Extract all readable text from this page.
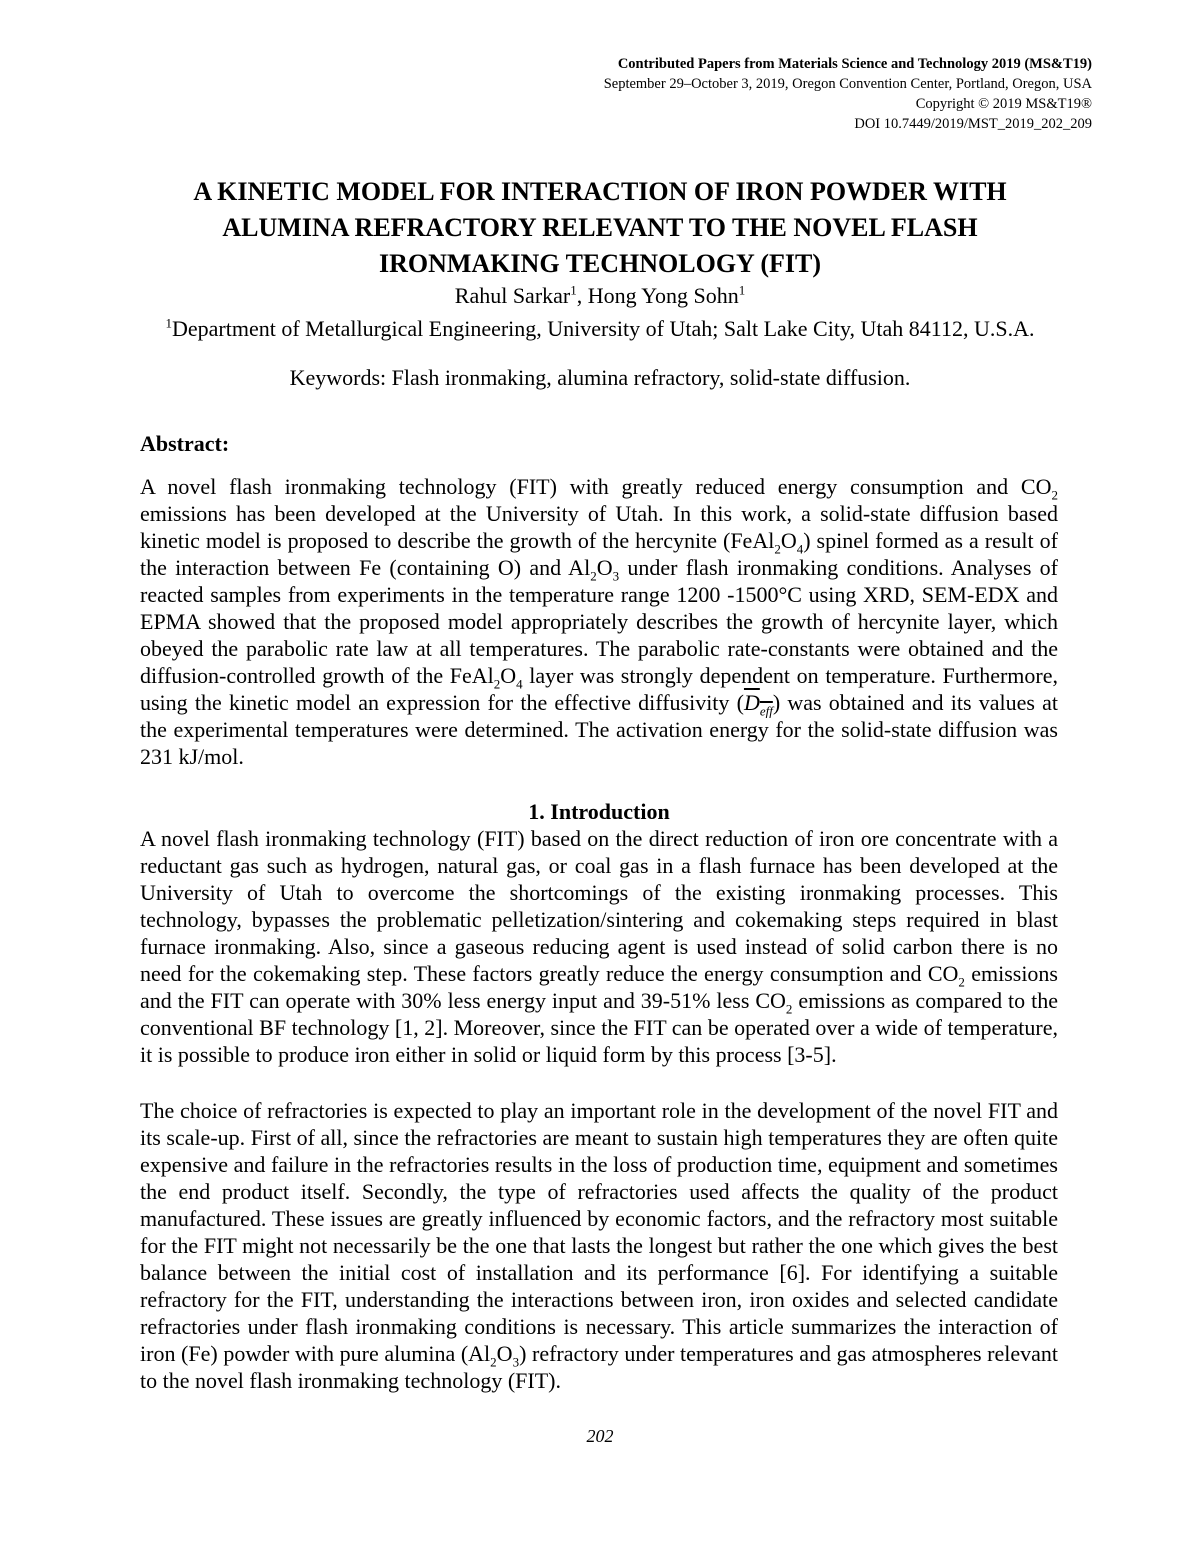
Contributed Papers from Materials Science and Technology 2019 (MS&T19)
September 29–October 3, 2019, Oregon Convention Center, Portland, Oregon, USA
Copyright © 2019 MS&T19®
DOI 10.7449/2019/MST_2019_202_209
A KINETIC MODEL FOR INTERACTION OF IRON POWDER WITH
ALUMINA REFRACTORY RELEVANT TO THE NOVEL FLASH
IRONMAKING TECHNOLOGY (FIT)
Rahul Sarkar$^1$, Hong Yong Sohn$^1$
$^1$Department of Metallurgical Engineering, University of Utah; Salt Lake City, Utah 84112, U.S.A.
Keywords: Flash ironmaking, alumina refractory, solid-state diffusion.
Abstract:
A novel flash ironmaking technology (FIT) with greatly reduced energy consumption and $CO_2$ emissions has been developed at the University of Utah. In this work, a solid-state diffusion based kinetic model is proposed to describe the growth of the hercynite $(FeAl_2O_4)$ spinel formed as a result of the interaction between Fe (containing O) and $Al_2O_3$ under flash ironmaking conditions. Analyses of reacted samples from experiments in the temperature range 1200 -1500°C using XRD, SEM-EDX and EPMA showed that the proposed model appropriately describes the growth of hercynite layer, which obeyed the parabolic rate law at all temperatures. The parabolic rate-constants were obtained and the diffusion-controlled growth of the $FeAl_2O_4$ layer was strongly dependent on temperature. Furthermore, using the kinetic model an expression for the effective diffusivity $(D_{eff})$ was obtained and its values at the experimental temperatures were determined. The activation energy for the solid-state diffusion was 231 kJ/mol.
1. Introduction
A novel flash ironmaking technology (FIT) based on the direct reduction of iron ore concentrate with a reductant gas such as hydrogen, natural gas, or coal gas in a flash furnace has been developed at the University of Utah to overcome the shortcomings of the existing ironmaking processes. This technology, bypasses the problematic pelletization/sintering and cokemaking steps required in blast furnace ironmaking. Also, since a gaseous reducing agent is used instead of solid carbon there is no need for the cokemaking step. These factors greatly reduce the energy consumption and $CO_2$ emissions and the FIT can operate with 30% less energy input and 39-51% less $CO_2$ emissions as compared to the conventional BF technology [1, 2]. Moreover, since the FIT can be operated over a wide of temperature, it is possible to produce iron either in solid or liquid form by this process [3-5].
The choice of refractories is expected to play an important role in the development of the novel FIT and its scale-up. First of all, since the refractories are meant to sustain high temperatures they are often quite expensive and failure in the refractories results in the loss of production time, equipment and sometimes the end product itself. Secondly, the type of refractories used affects the quality of the product manufactured. These issues are greatly influenced by economic factors, and the refractory most suitable for the FIT might not necessarily be the one that lasts the longest but rather the one which gives the best balance between the initial cost of installation and its performance [6]. For identifying a suitable refractory for the FIT, understanding the interactions between iron, iron oxides and selected candidate refractories under flash ironmaking conditions is necessary. This article summarizes the interaction of iron (Fe) powder with pure alumina $(Al_2O_3)$ refractory under temperatures and gas atmospheres relevant to the novel flash ironmaking technology (FIT).
202
